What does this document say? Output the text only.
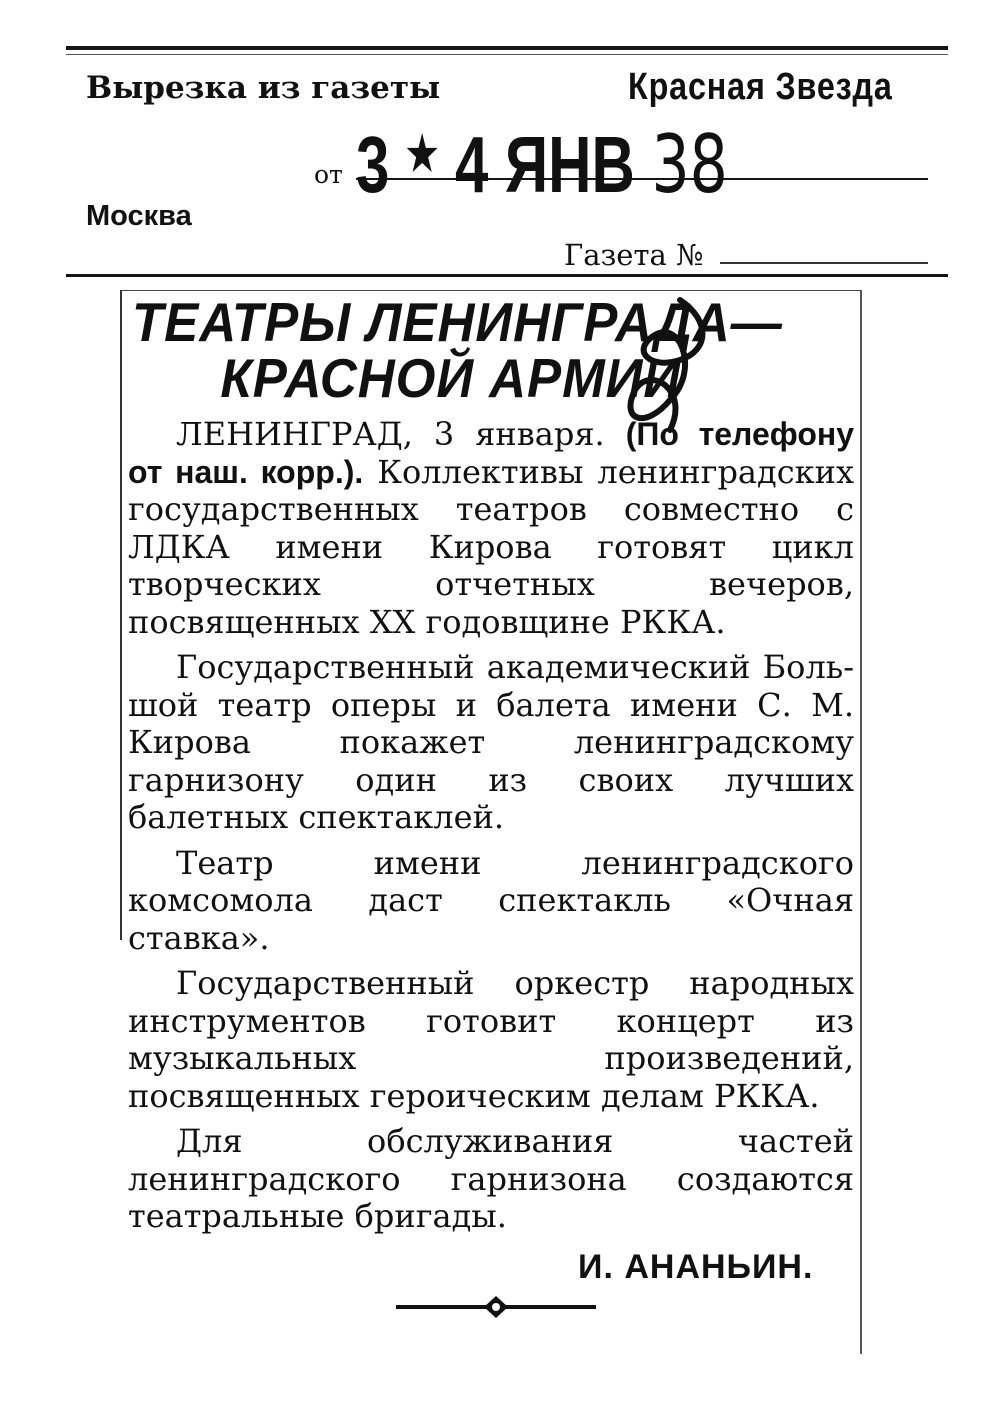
Вырезка из газеты	Красная Звезда
от 3 ★ 4 ЯНВ 38
Москва
Газета №
ТЕАТРЫ ЛЕНИНГРАДА—
КРАСНОЙ АРМИИ

ЛЕНИНГРАД, 3 января. (По телефону от наш. корр.). Коллективы ленинградских государственных театров совместно с ЛДКА имени Кирова готовят цикл творческих отчетных вечеров, посвященных XX годовщине РККА.

Государственный академический Большой театр оперы и балета имени С. М. Кирова покажет ленинградскому гарнизону один из своих лучших балетных спектаклей.

Театр имени ленинградского комсомола даст спектакль «Очная ставка».

Государственный оркестр народных инструментов готовит концерт из музыкальных произведений, посвященных героическим делам РККА.

Для обслуживания частей ленинградского гарнизона создаются театральные бригады.

И. АНАНЬИН.
